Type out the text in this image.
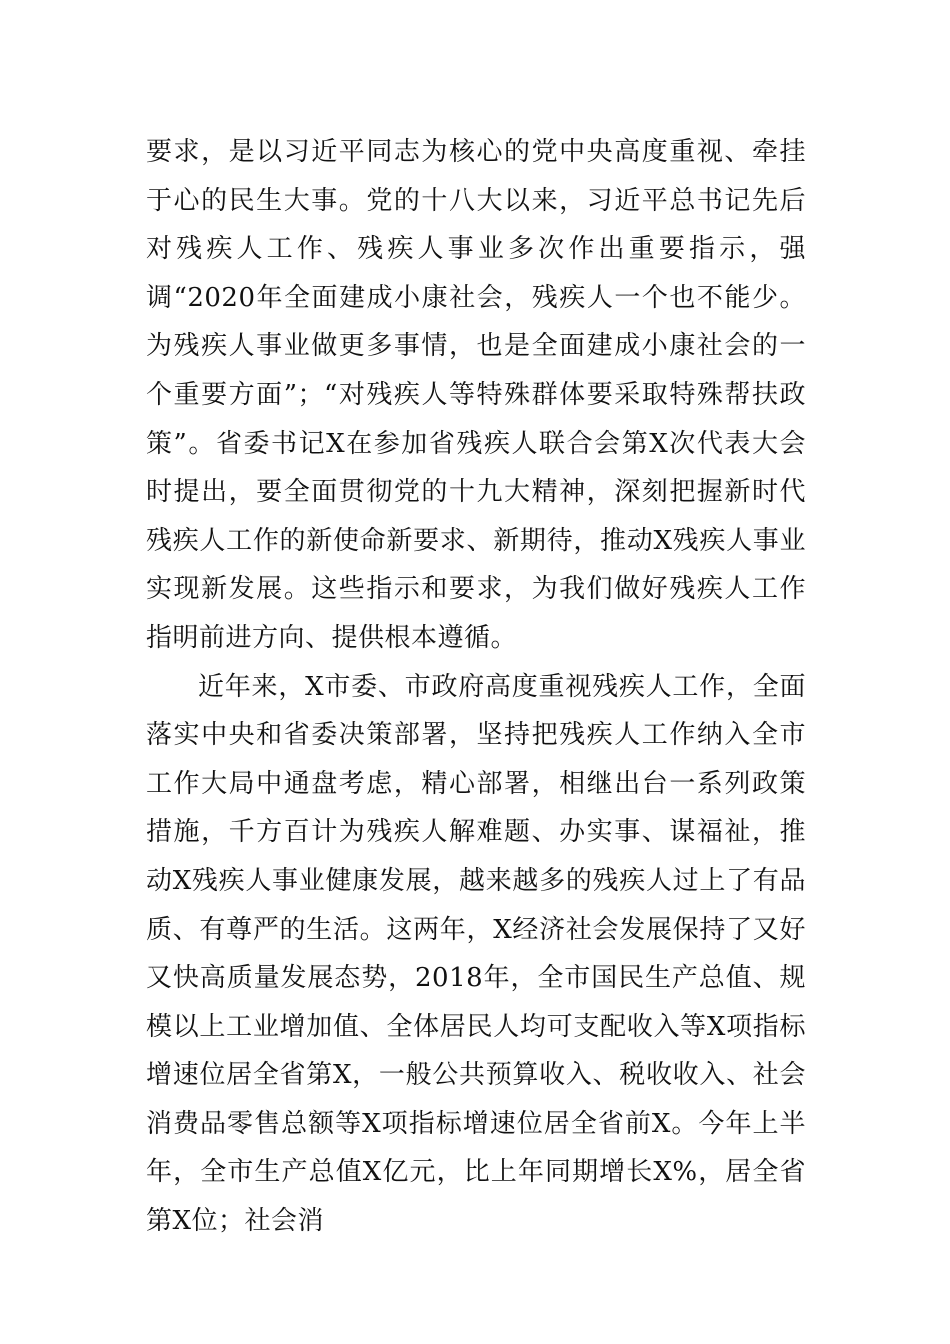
要求，是以习近平同志为核心的党中央高度重视、牵挂于心的民生大事。党的十八大以来，习近平总书记先后对残疾人工作、残疾人事业多次作出重要指示，强调“2020年全面建成小康社会，残疾人一个也不能少。为残疾人事业做更多事情，也是全面建成小康社会的一个重要方面”；“对残疾人等特殊群体要采取特殊帮扶政策”。省委书记X在参加省残疾人联合会第X次代表大会时提出，要全面贯彻党的十九大精神，深刻把握新时代残疾人工作的新使命新要求、新期待，推动X残疾人事业实现新发展。这些指示和要求，为我们做好残疾人工作指明前进方向、提供根本遵循。

近年来，X市委、市政府高度重视残疾人工作，全面落实中央和省委决策部署，坚持把残疾人工作纳入全市工作大局中通盘考虑，精心部署，相继出台一系列政策措施，千方百计为残疾人解难题、办实事、谋福祉，推动X残疾人事业健康发展，越来越多的残疾人过上了有品质、有尊严的生活。这两年，X经济社会发展保持了又好又快高质量发展态势，2018年，全市国民生产总值、规模以上工业增加值、全体居民人均可支配收入等X项指标增速位居全省第X，一般公共预算收入、税收收入、社会消费品零售总额等X项指标增速位居全省前X。今年上半年，全市生产总值X亿元，比上年同期增长X%，居全省第X位；社会消
